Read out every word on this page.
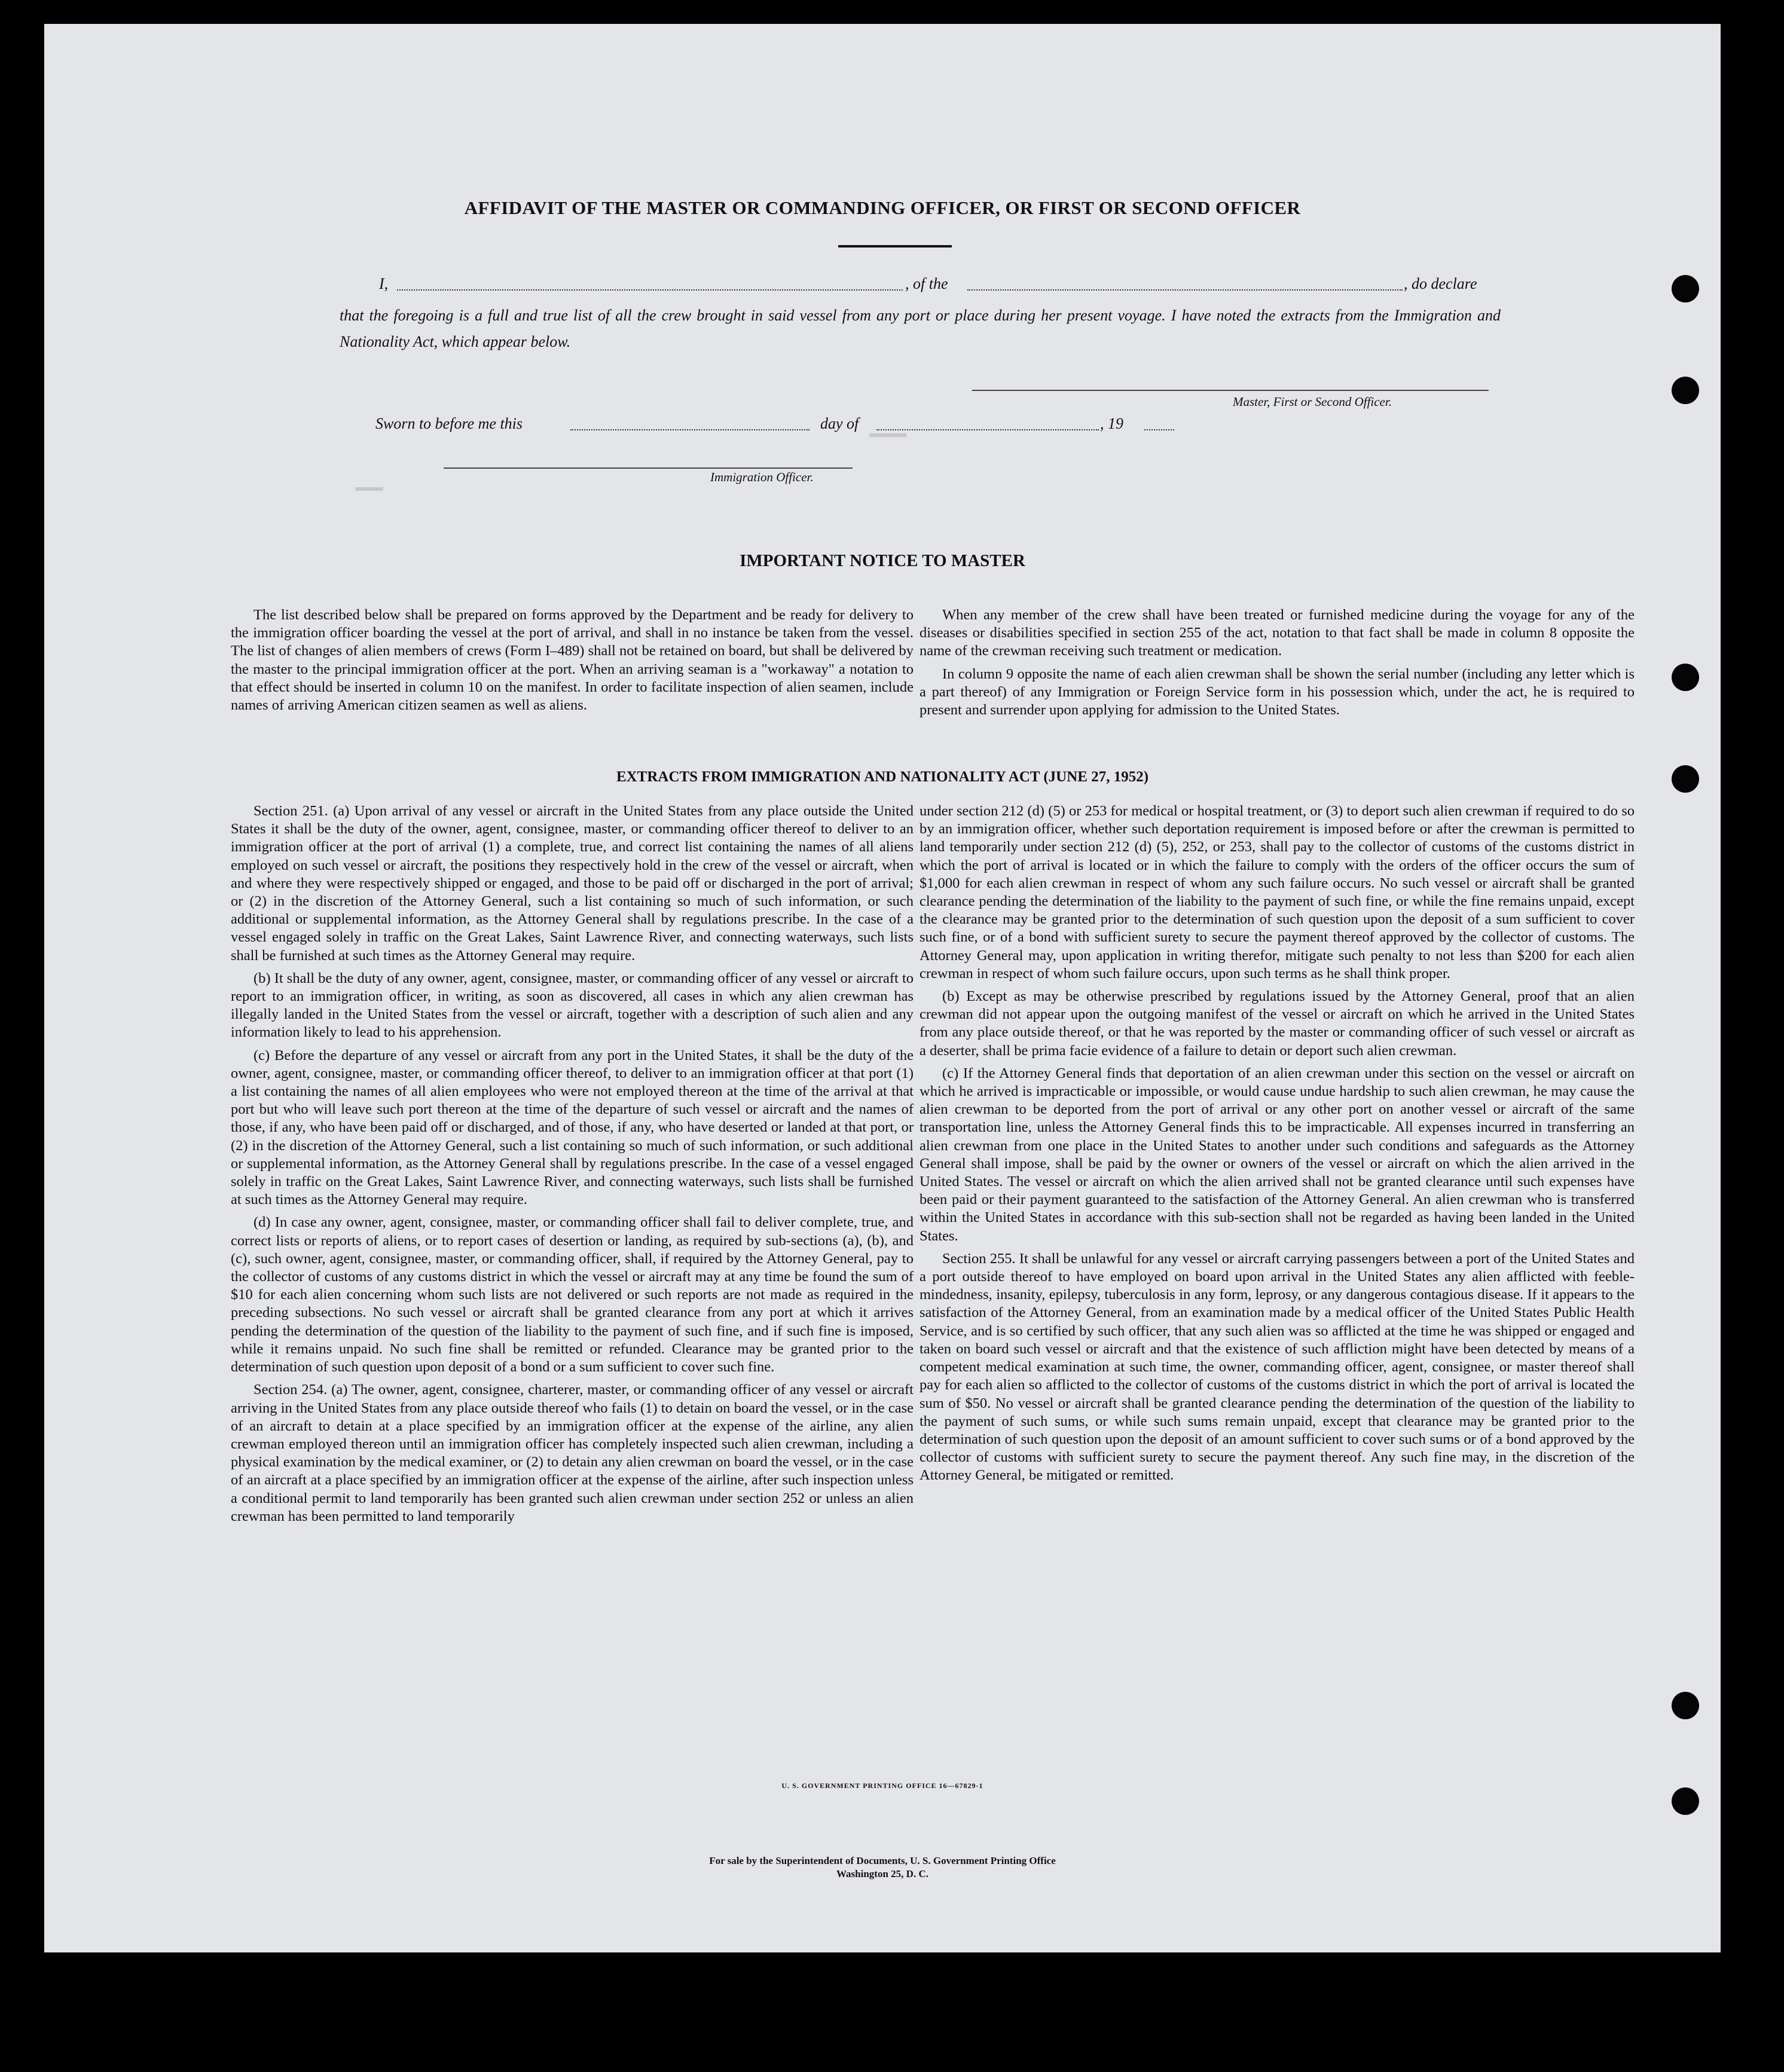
▬▬▬▬
▬▬▬
AFFIDAVIT OF THE MASTER OR COMMANDING OFFICER, OR FIRST OR SECOND OFFICER
I,	, of the	, do declare
that the foregoing is a full and true list of all the crew brought in said vessel from any port or place during her present voyage. I have noted the extracts from the Immigration and Nationality Act, which appear below.
Master, First or Second Officer.
Sworn to before me this	day of	, 19
Immigration Officer.
IMPORTANT NOTICE TO MASTER

The list described below shall be prepared on forms approved by the Department and be ready for delivery to the immigration officer boarding the vessel at the port of arrival, and shall in no instance be taken from the vessel. The list of changes of alien members of crews (Form I–489) shall not be retained on board, but shall be delivered by the master to the principal immigration officer at the port. When an arriving seaman is a "workaway" a notation to that effect should be inserted in column 10 on the manifest. In order to facilitate inspection of alien seamen, include names of arriving American citizen seamen as well as aliens.

When any member of the crew shall have been treated or furnished medicine during the voyage for any of the diseases or disabilities specified in section 255 of the act, notation to that fact shall be made in column 8 opposite the name of the crewman receiving such treatment or medication.

In column 9 opposite the name of each alien crewman shall be shown the serial number (including any letter which is a part thereof) of any Immigration or Foreign Service form in his possession which, under the act, he is required to present and surrender upon applying for admission to the United States.

EXTRACTS FROM IMMIGRATION AND NATIONALITY ACT (JUNE 27, 1952)

Section 251. (a) Upon arrival of any vessel or aircraft in the United States from any place outside the United States it shall be the duty of the owner, agent, consignee, master, or commanding officer thereof to deliver to an immigration officer at the port of arrival (1) a complete, true, and correct list containing the names of all aliens employed on such vessel or aircraft, the positions they respectively hold in the crew of the vessel or aircraft, when and where they were respectively shipped or engaged, and those to be paid off or discharged in the port of arrival; or (2) in the discretion of the Attorney General, such a list containing so much of such information, or such additional or supplemental information, as the Attorney General shall by regulations prescribe. In the case of a vessel engaged solely in traffic on the Great Lakes, Saint Lawrence River, and connecting waterways, such lists shall be furnished at such times as the Attorney General may require.

(b) It shall be the duty of any owner, agent, consignee, master, or commanding officer of any vessel or aircraft to report to an immigration officer, in writing, as soon as discovered, all cases in which any alien crewman has illegally landed in the United States from the vessel or aircraft, together with a description of such alien and any information likely to lead to his apprehension.

(c) Before the departure of any vessel or aircraft from any port in the United States, it shall be the duty of the owner, agent, consignee, master, or commanding officer thereof, to deliver to an immigration officer at that port (1) a list containing the names of all alien employees who were not employed thereon at the time of the arrival at that port but who will leave such port thereon at the time of the departure of such vessel or aircraft and the names of those, if any, who have been paid off or discharged, and of those, if any, who have deserted or landed at that port, or (2) in the discretion of the Attorney General, such a list containing so much of such information, or such additional or supplemental information, as the Attorney General shall by regulations prescribe. In the case of a vessel engaged solely in traffic on the Great Lakes, Saint Lawrence River, and connecting waterways, such lists shall be furnished at such times as the Attorney General may require.

(d) In case any owner, agent, consignee, master, or commanding officer shall fail to deliver complete, true, and correct lists or reports of aliens, or to report cases of desertion or landing, as required by sub-sections (a), (b), and (c), such owner, agent, consignee, master, or commanding officer, shall, if required by the Attorney General, pay to the collector of customs of any customs district in which the vessel or aircraft may at any time be found the sum of $10 for each alien concerning whom such lists are not delivered or such reports are not made as required in the preceding subsections. No such vessel or aircraft shall be granted clearance from any port at which it arrives pending the determination of the question of the liability to the payment of such fine, and if such fine is imposed, while it remains unpaid. No such fine shall be remitted or refunded. Clearance may be granted prior to the determination of such question upon deposit of a bond or a sum sufficient to cover such fine.

Section 254. (a) The owner, agent, consignee, charterer, master, or commanding officer of any vessel or aircraft arriving in the United States from any place outside thereof who fails (1) to detain on board the vessel, or in the case of an aircraft to detain at a place specified by an immigration officer at the expense of the airline, any alien crewman employed thereon until an immigration officer has completely inspected such alien crewman, including a physical examination by the medical examiner, or (2) to detain any alien crewman on board the vessel, or in the case of an aircraft at a place specified by an immigration officer at the expense of the airline, after such inspection unless a conditional permit to land temporarily has been granted such alien crewman under section 252 or unless an alien crewman has been permitted to land temporarily

under section 212 (d) (5) or 253 for medical or hospital treatment, or (3) to deport such alien crewman if required to do so by an immigration officer, whether such deportation requirement is imposed before or after the crewman is permitted to land temporarily under section 212 (d) (5), 252, or 253, shall pay to the collector of customs of the customs district in which the port of arrival is located or in which the failure to comply with the orders of the officer occurs the sum of $1,000 for each alien crewman in respect of whom any such failure occurs. No such vessel or aircraft shall be granted clearance pending the determination of the liability to the payment of such fine, or while the fine remains unpaid, except the clearance may be granted prior to the determination of such question upon the deposit of a sum sufficient to cover such fine, or of a bond with sufficient surety to secure the payment thereof approved by the collector of customs. The Attorney General may, upon application in writing therefor, mitigate such penalty to not less than $200 for each alien crewman in respect of whom such failure occurs, upon such terms as he shall think proper.

(b) Except as may be otherwise prescribed by regulations issued by the Attorney General, proof that an alien crewman did not appear upon the outgoing manifest of the vessel or aircraft on which he arrived in the United States from any place outside thereof, or that he was reported by the master or commanding officer of such vessel or aircraft as a deserter, shall be prima facie evidence of a failure to detain or deport such alien crewman.

(c) If the Attorney General finds that deportation of an alien crewman under this section on the vessel or aircraft on which he arrived is impracticable or impossible, or would cause undue hardship to such alien crewman, he may cause the alien crewman to be deported from the port of arrival or any other port on another vessel or aircraft of the same transportation line, unless the Attorney General finds this to be impracticable. All expenses incurred in transferring an alien crewman from one place in the United States to another under such conditions and safeguards as the Attorney General shall impose, shall be paid by the owner or owners of the vessel or aircraft on which the alien arrived in the United States. The vessel or aircraft on which the alien arrived shall not be granted clearance until such expenses have been paid or their payment guaranteed to the satisfaction of the Attorney General. An alien crewman who is transferred within the United States in accordance with this sub-section shall not be regarded as having been landed in the United States.

Section 255. It shall be unlawful for any vessel or aircraft carrying passengers between a port of the United States and a port outside thereof to have employed on board upon arrival in the United States any alien afflicted with feeble-mindedness, insanity, epilepsy, tuberculosis in any form, leprosy, or any dangerous contagious disease. If it appears to the satisfaction of the Attorney General, from an examination made by a medical officer of the United States Public Health Service, and is so certified by such officer, that any such alien was so afflicted at the time he was shipped or engaged and taken on board such vessel or aircraft and that the existence of such affliction might have been detected by means of a competent medical examination at such time, the owner, commanding officer, agent, consignee, or master thereof shall pay for each alien so afflicted to the collector of customs of the customs district in which the port of arrival is located the sum of $50. No vessel or aircraft shall be granted clearance pending the determination of the question of the liability to the payment of such sums, or while such sums remain unpaid, except that clearance may be granted prior to the determination of such question upon the deposit of an amount sufficient to cover such sums or of a bond approved by the collector of customs with sufficient surety to secure the payment thereof. Any such fine may, in the discretion of the Attorney General, be mitigated or remitted.

U. S. GOVERNMENT PRINTING OFFICE 16—67829-1
For sale by the Superintendent of Documents, U. S. Government Printing Office
Washington 25, D. C.
